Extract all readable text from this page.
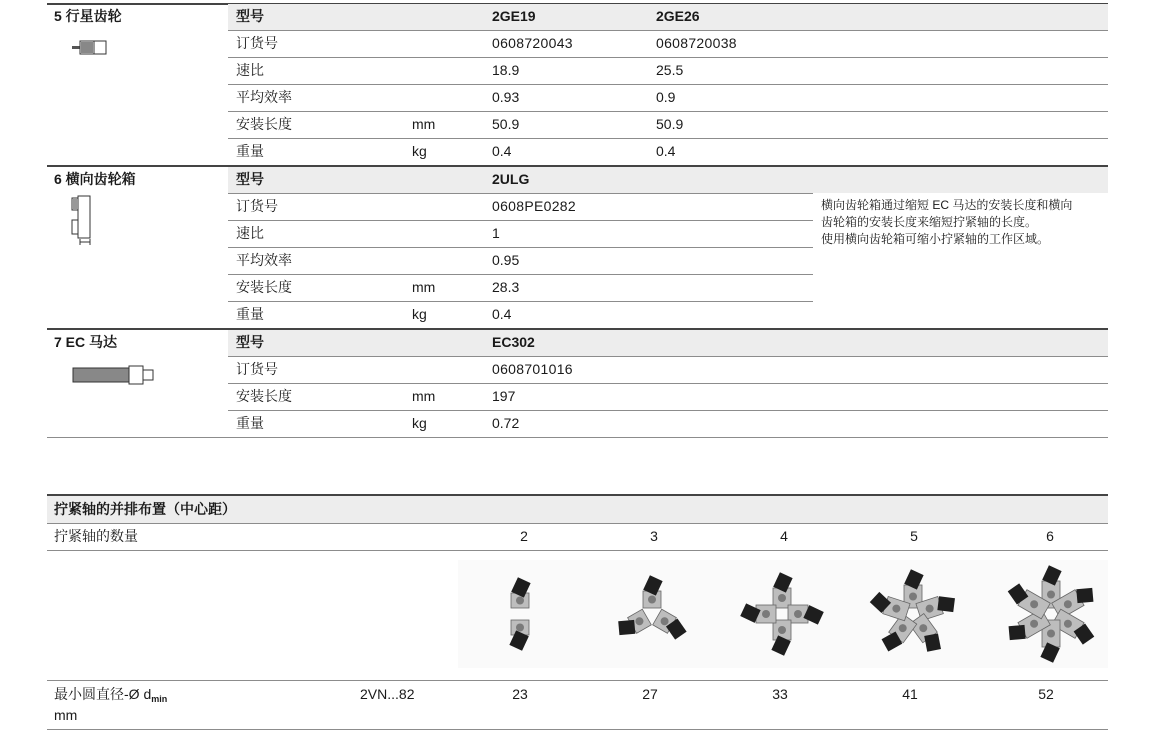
5 行星齿轮	型号	2GE19	2GE26
订货号	0608720043	0608720038
速比	18.9	25.5
平均效率	0.93	0.9
安装长度	mm	50.9	50.9
重量	kg	0.4	0.4
6 横向齿轮箱	型号	2ULG
订货号	0608PE0282
速比	1
平均效率	0.95
安装长度	mm	28.3
重量	kg	0.4
横向齿轮箱通过缩短 EC 马达的安装长度和横向
齿轮箱的安装长度来缩短拧紧轴的长度。
使用横向齿轮箱可缩小拧紧轴的工作区域。
7 EC 马达	型号	EC302
订货号	0608701016
安装长度	mm	197
重量	kg	0.72
拧紧轴的并排布置（中心距）
拧紧轴的数量	2	3	4	5	6
最小圆直径-Ø $d_{min}$
mm
2VN...82	23	27	33	41	52
